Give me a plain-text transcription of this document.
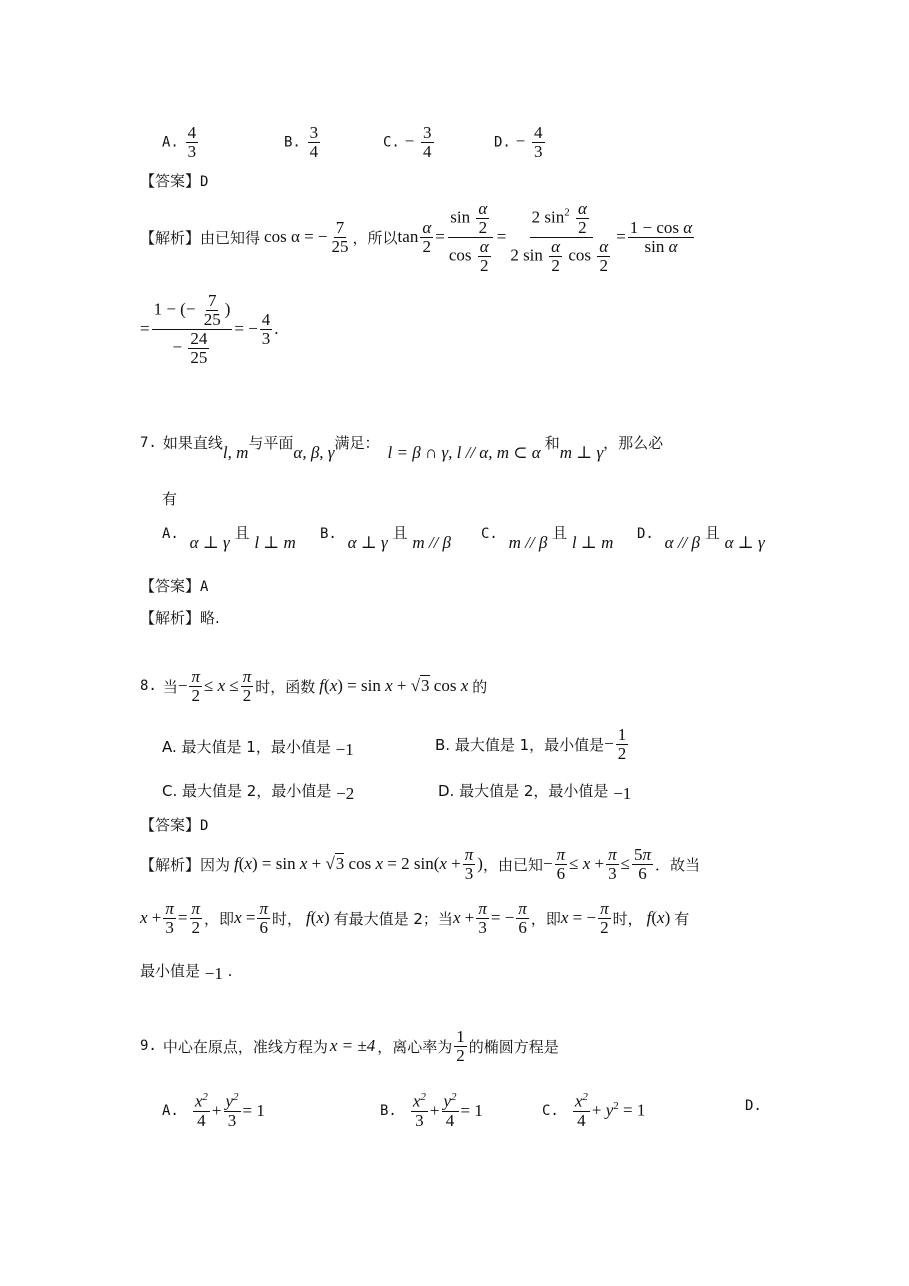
A. $\frac{4}{3}$	B. $\frac{3}{4}$	C. − $\frac{3}{4}$	D. − $\frac{4}{3}$
【答案】D
【解析】 由已知得 cos α = − $\frac{7}{25}$ ，所以 $\tan \frac{\alpha}{2} = \frac{\sin \frac{\alpha}{2}}{\cos \frac{\alpha}{2}} = \frac{2 \sin^2 \frac{\alpha}{2}}{2 \sin \frac{\alpha}{2} \cos \frac{\alpha}{2}} = \frac{\text{1 − cos α}}{\text{sin α}}$
= $\frac{1 - (- \frac{7}{25} )}{- \frac{24}{25}}$ = − $\frac{4}{3}$ .
7. 如果直线 l, m 与平面 α, β, γ 满足： l = β ∩ γ, l // α, m ⊂ α 和 m ⊥ γ ，那么必
有
A. α ⊥ γ 且 l ⊥ m B. α ⊥ γ 且 m // β C. m // β 且 l ⊥ m D. α // β 且 α ⊥ γ
【答案】A
【解析】略.
8. 当 − $\frac{\pi}{2} \le x \le \frac{\pi}{2}$ 时，函数 f(x) = sin x + √3 cos x 的
A. 最大值是 1，最小值是 −1	B. 最大值是 1，最小值是 − $\frac{1}{2}$
C. 最大值是 2，最小值是 −2	D. 最大值是 2，最小值是 −1
【答案】D
【解析】 因为 f(x) = sin x + √3 cos x = 2 $\sin(x + \frac{\pi}{3}$ ) ，由已知 − $\frac{\pi}{6} \le x + \frac{\pi}{3} \le \frac{5\pi}{6}$ ．故当
$x + \frac{\pi}{3} = \frac{\pi}{2}$ ，即 $x = \frac{\pi}{6}$ 时， f(x) 有最大值是 2；当 $x + \frac{\pi}{3}$ = − $\frac{\pi}{6}$ ，即 x = − $\frac{\pi}{2}$ 时， f(x) 有
最小值是 −1 .
9. 中心在原点，准线方程为 x = ±4 ，离心率为 $\frac{1}{2}$ 的椭圆方程是
A. $\frac{x^2}{4} + \frac{y^2}{3} = 1$	B. $\frac{x^2}{3} + \frac{y^2}{4} = 1$	C. $\frac{x^2}{4} + y^2 = 1$	D.
